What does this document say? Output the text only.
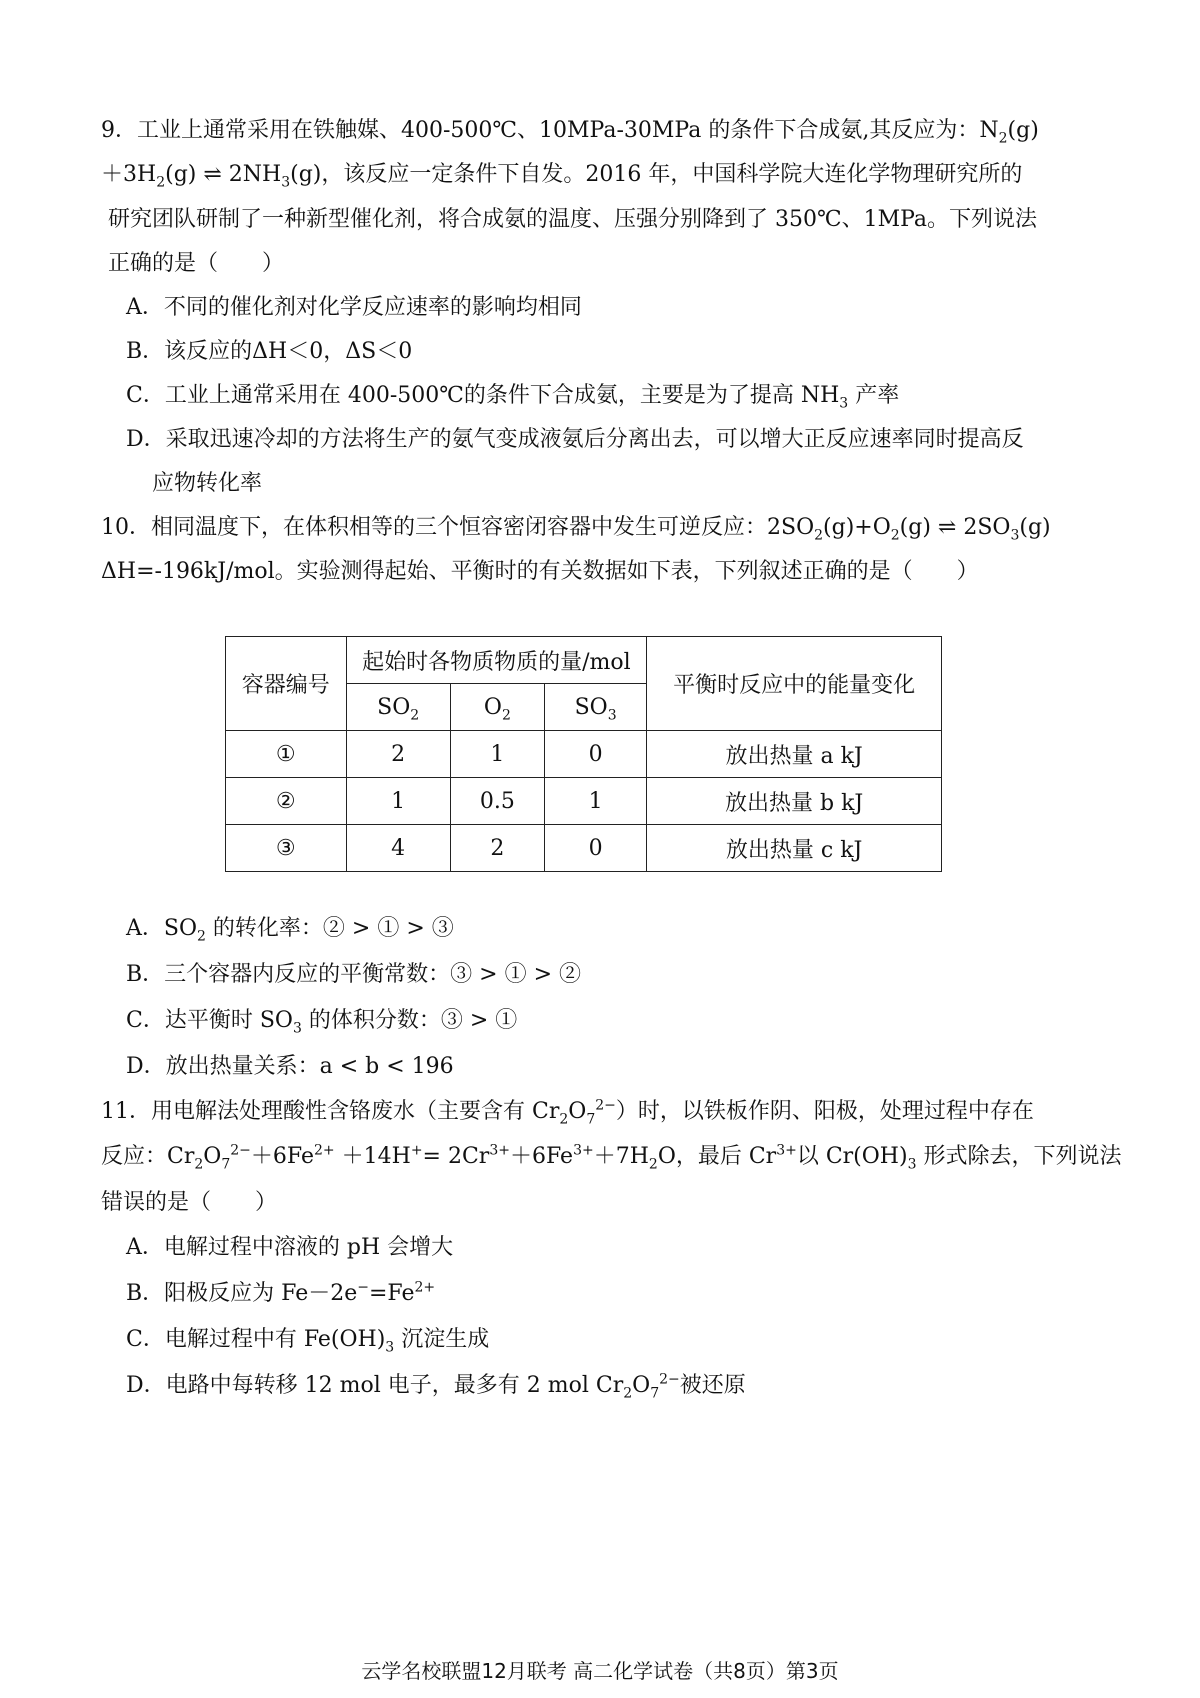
9．工业上通常采用在铁触媒、400-500℃、10MPa-30MPa 的条件下合成氨,其反应为：$N_2(g)$
$+3H_2(g)$ ⇌ $2NH_3(g)$，该反应一定条件下自发。2016 年，中国科学院大连化学物理研究所的
研究团队研制了一种新型催化剂，将合成氨的温度、压强分别降到了 350℃、1MPa。下列说法
正确的是（　　）
A．不同的催化剂对化学反应速率的影响均相同
B．该反应的ΔH＜0，ΔS＜0
C．工业上通常采用在 400-500℃的条件下合成氨，主要是为了提高 $NH_3$ 产率
D．采取迅速冷却的方法将生产的氨气变成液氨后分离出去，可以增大正反应速率同时提高反
应物转化率
10．相同温度下，在体积相等的三个恒容密闭容器中发生可逆反应：$2SO_2(g)+O_2(g)$ ⇌ $2SO_3(g)$
ΔH=-196kJ/mol。实验测得起始、平衡时的有关数据如下表，下列叙述正确的是（　　）
容器编号	起始时各物质物质的量/mol			平衡时反应中的能量变化
	$SO_2$	$O_2$	$SO_3$
①	2	1	0	放出热量 a kJ
②	1	0.5	1	放出热量 b kJ
③	4	2	0	放出热量 c kJ
A．$SO_2$ 的转化率：② > ① > ③
B．三个容器内反应的平衡常数：③ > ① > ②
C．达平衡时 $SO_3$ 的体积分数：③ > ①
D．放出热量关系：a < b < 196
11．用电解法处理酸性含铬废水（主要含有 $Cr_2O_7^{2-}$）时，以铁板作阴、阳极，处理过程中存在
反应：$Cr_2O_7^{2-}+6Fe^{2+} +14H^+= 2Cr^{3+}+6Fe^{3+}+7H_2O$，最后 $Cr^{3+}$以 $Cr(OH)_3$ 形式除去，下列说法
错误的是（　　）
A．电解过程中溶液的 pH 会增大
B．阳极反应为 $Fe-2e^-=Fe^{2+}$
C．电解过程中有 $Fe(OH)_3$ 沉淀生成
D．电路中每转移 12 mol 电子，最多有 2 mol $Cr_2O_7^{2-}$被还原
云学名校联盟12月联考 高二化学试卷（共8页）第3页
